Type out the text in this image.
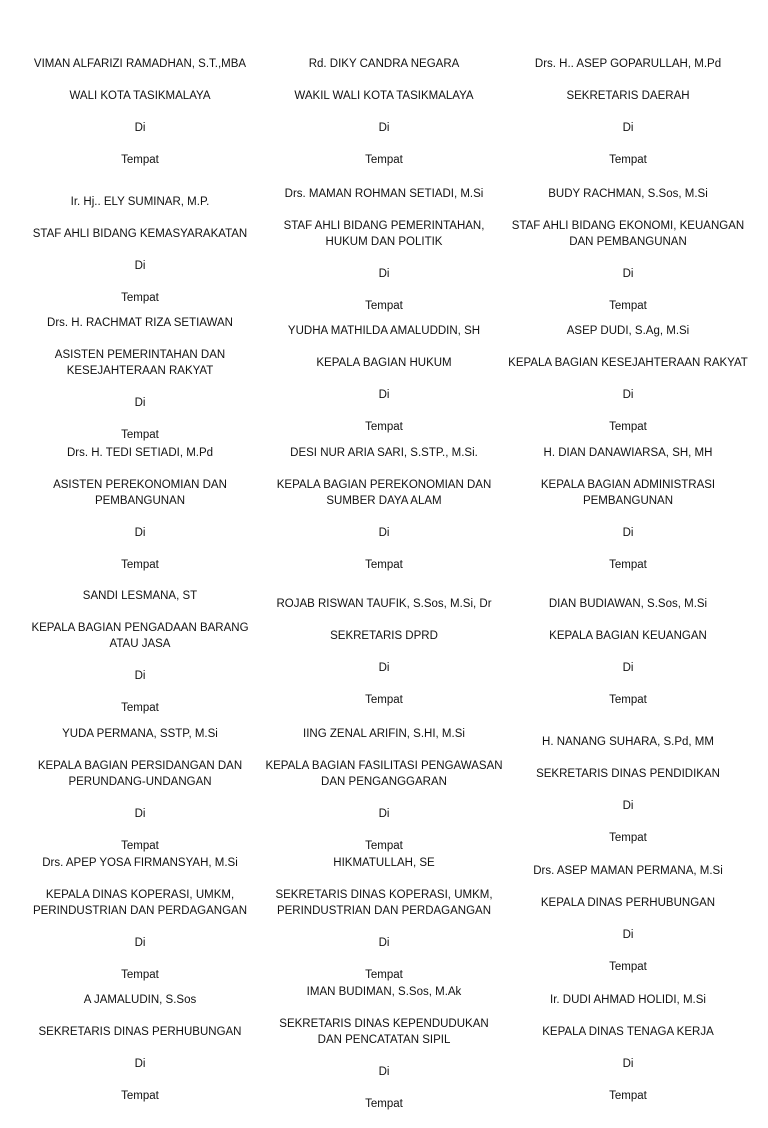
VIMAN ALFARIZI RAMADHAN, S.T.,MBA

WALI KOTA TASIKMALAYA

Di

Tempat

Rd. DIKY CANDRA NEGARA

WAKIL WALI KOTA TASIKMALAYA

Di

Tempat

Drs. H.. ASEP GOPARULLAH, M.Pd

SEKRETARIS DAERAH

Di

Tempat

Ir. Hj.. ELY SUMINAR, M.P.

STAF AHLI BIDANG KEMASYARAKATAN

Di

Tempat

Drs. MAMAN ROHMAN SETIADI, M.Si

STAF AHLI BIDANG PEMERINTAHAN,
HUKUM DAN POLITIK

Di

Tempat

BUDY RACHMAN, S.Sos, M.Si

STAF AHLI BIDANG EKONOMI, KEUANGAN
DAN PEMBANGUNAN

Di

Tempat

Drs. H. RACHMAT RIZA SETIAWAN

ASISTEN PEMERINTAHAN DAN
KESEJAHTERAAN RAKYAT

Di

Tempat

YUDHA MATHILDA AMALUDDIN, SH

KEPALA BAGIAN HUKUM

Di

Tempat

ASEP DUDI, S.Ag, M.Si

KEPALA BAGIAN KESEJAHTERAAN RAKYAT

Di

Tempat

Drs. H. TEDI SETIADI, M.Pd

ASISTEN PEREKONOMIAN DAN
PEMBANGUNAN

Di

Tempat

DESI NUR ARIA SARI, S.STP., M.Si.

KEPALA BAGIAN PEREKONOMIAN DAN
SUMBER DAYA ALAM

Di

Tempat

H. DIAN DANAWIARSA, SH, MH

KEPALA BAGIAN ADMINISTRASI
PEMBANGUNAN

Di

Tempat

SANDI LESMANA, ST

KEPALA BAGIAN PENGADAAN BARANG
ATAU JASA

Di

Tempat

ROJAB RISWAN TAUFIK, S.Sos, M.Si, Dr

SEKRETARIS DPRD

Di

Tempat

DIAN BUDIAWAN, S.Sos, M.Si

KEPALA BAGIAN KEUANGAN

Di

Tempat

YUDA PERMANA, SSTP, M.Si

KEPALA BAGIAN PERSIDANGAN DAN
PERUNDANG-UNDANGAN

Di

Tempat

IING ZENAL ARIFIN, S.HI, M.Si

KEPALA BAGIAN FASILITASI PENGAWASAN
DAN PENGANGGARAN

Di

Tempat

H. NANANG SUHARA, S.Pd, MM

SEKRETARIS DINAS PENDIDIKAN

Di

Tempat

Drs. APEP YOSA FIRMANSYAH, M.Si

KEPALA DINAS KOPERASI, UMKM,
PERINDUSTRIAN DAN PERDAGANGAN

Di

Tempat

HIKMATULLAH, SE

SEKRETARIS DINAS KOPERASI, UMKM,
PERINDUSTRIAN DAN PERDAGANGAN

Di

Tempat

Drs. ASEP MAMAN PERMANA, M.Si

KEPALA DINAS PERHUBUNGAN

Di

Tempat

A JAMALUDIN, S.Sos

SEKRETARIS DINAS PERHUBUNGAN

Di

Tempat

IMAN BUDIMAN, S.Sos, M.Ak

SEKRETARIS DINAS KEPENDUDUKAN
DAN PENCATATAN SIPIL

Di

Tempat

Ir. DUDI AHMAD HOLIDI, M.Si

KEPALA DINAS TENAGA KERJA

Di

Tempat
